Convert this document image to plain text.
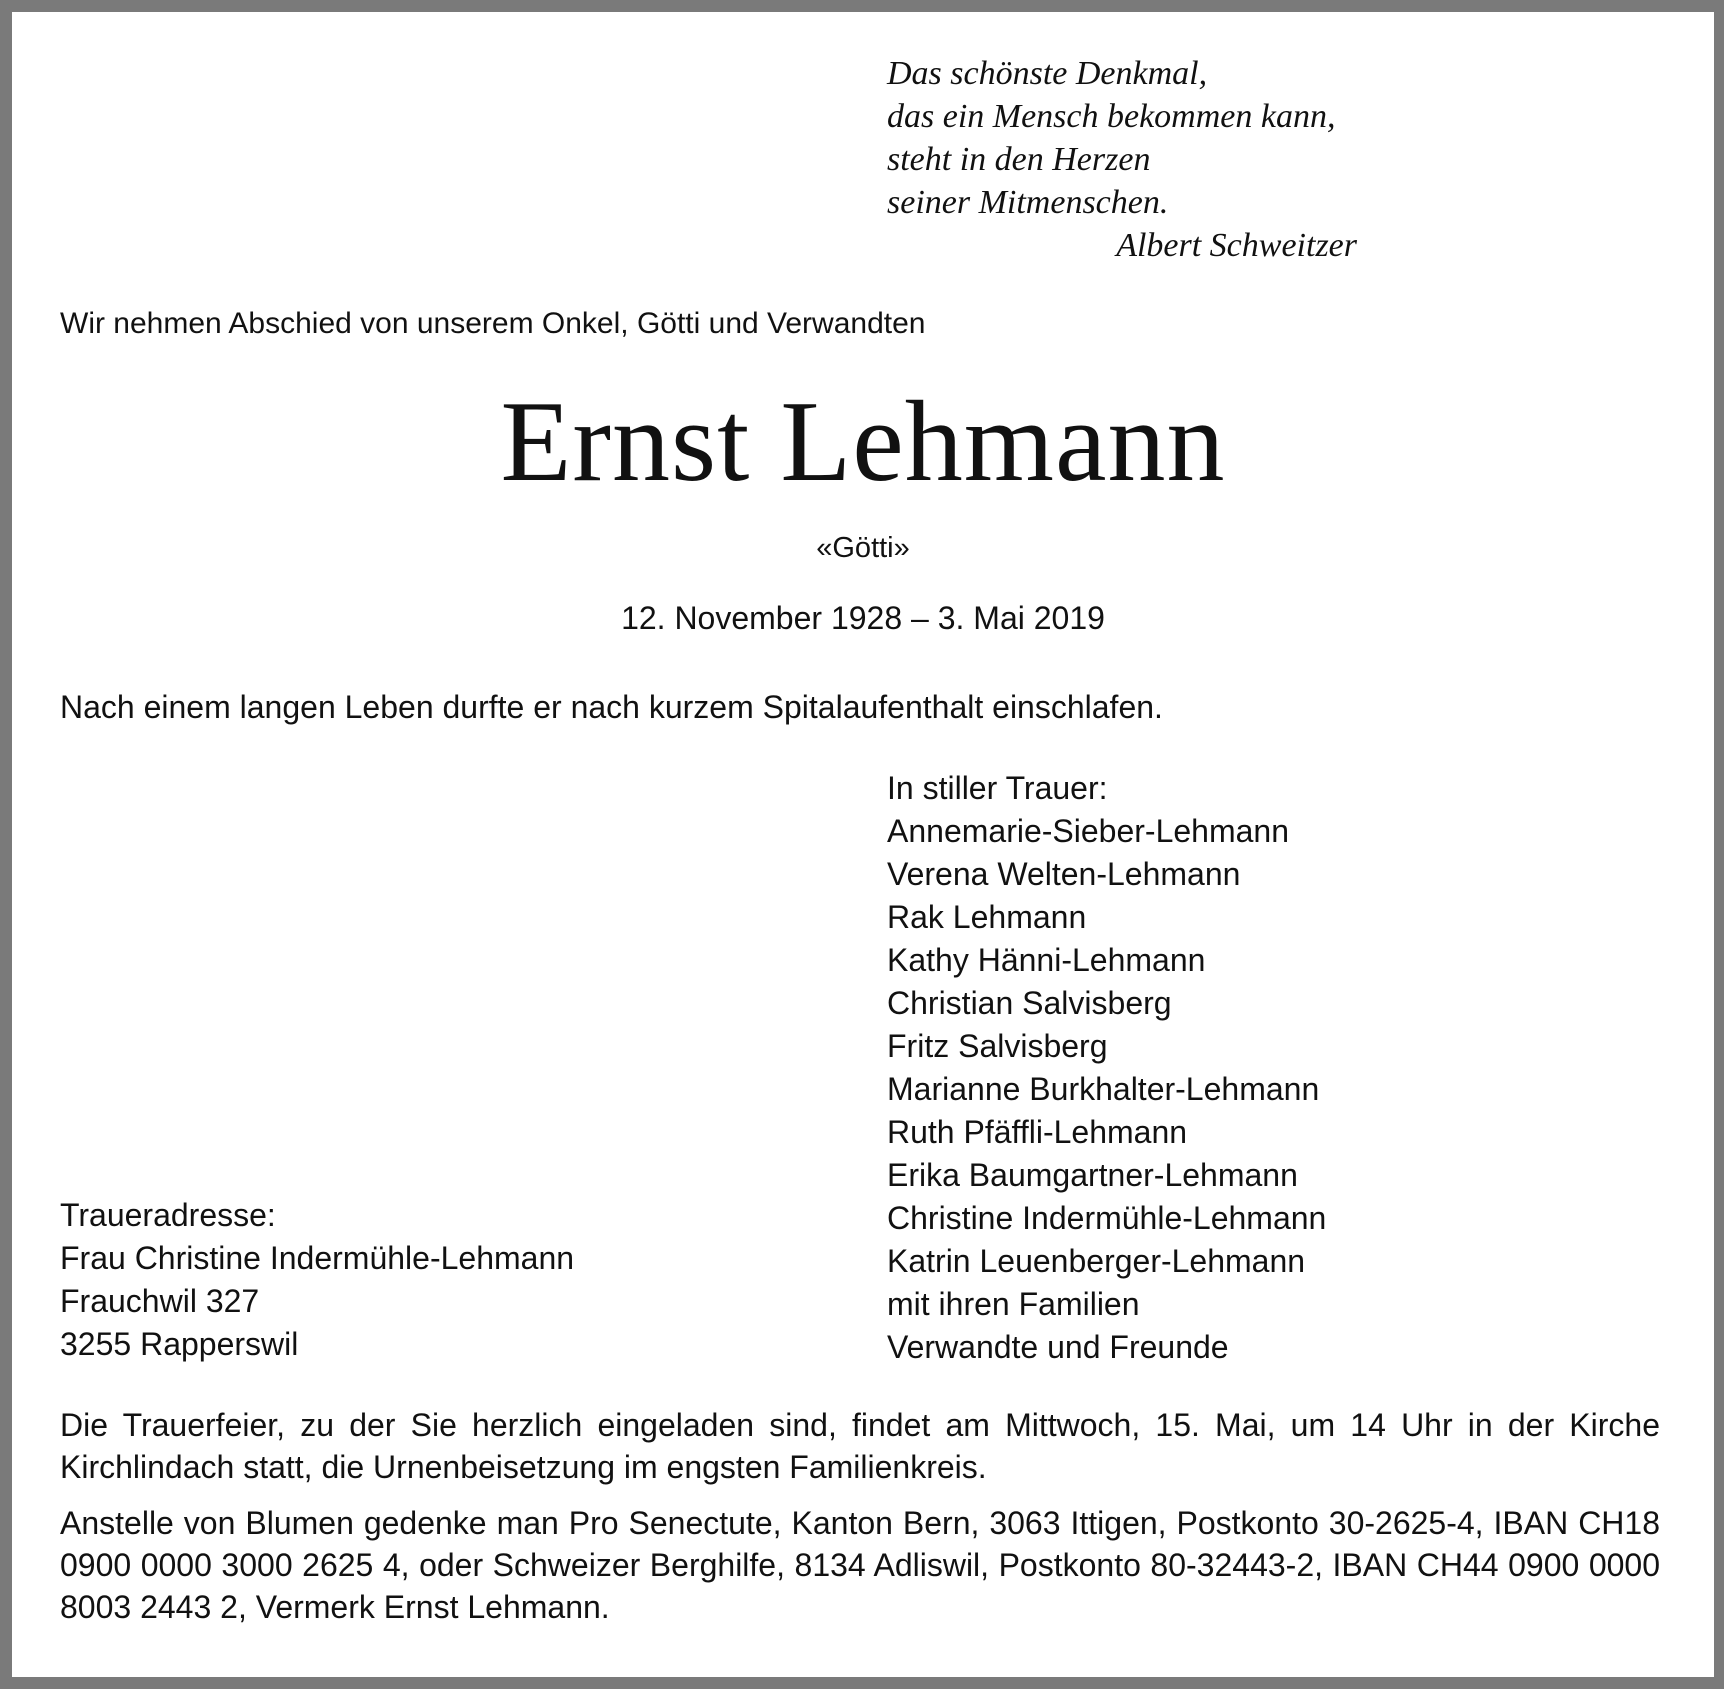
Das schönste Denkmal,
das ein Mensch bekommen kann,
steht in den Herzen
seiner Mitmenschen.
Albert Schweitzer
Wir nehmen Abschied von unserem Onkel, Götti und Verwandten
Ernst Lehmann
«Götti»
12. November 1928 – 3. Mai 2019
Nach einem langen Leben durfte er nach kurzem Spitalaufenthalt einschlafen.
In stiller Trauer:
Annemarie-Sieber-Lehmann
Verena Welten-Lehmann
Rak Lehmann
Kathy Hänni-Lehmann
Christian Salvisberg
Fritz Salvisberg
Marianne Burkhalter-Lehmann
Ruth Pfäffli-Lehmann
Erika Baumgartner-Lehmann
Christine Indermühle-Lehmann
Katrin Leuenberger-Lehmann
mit ihren Familien
Verwandte und Freunde
Traueradresse:
Frau Christine Indermühle-Lehmann
Frauchwil 327
3255 Rapperswil
Die Trauerfeier, zu der Sie herzlich eingeladen sind, findet am Mittwoch, 15. Mai, um 14 Uhr in der Kirche Kirchlindach statt, die Urnenbeisetzung im engsten Familienkreis.
Anstelle von Blumen gedenke man Pro Senectute, Kanton Bern, 3063 Ittigen, Postkonto 30-2625-4, IBAN CH18 0900 0000 3000 2625 4, oder Schweizer Berghilfe, 8134 Adliswil, Postkonto 80-32443-2, IBAN CH44 0900 0000 8003 2443 2, Vermerk Ernst Lehmann.
